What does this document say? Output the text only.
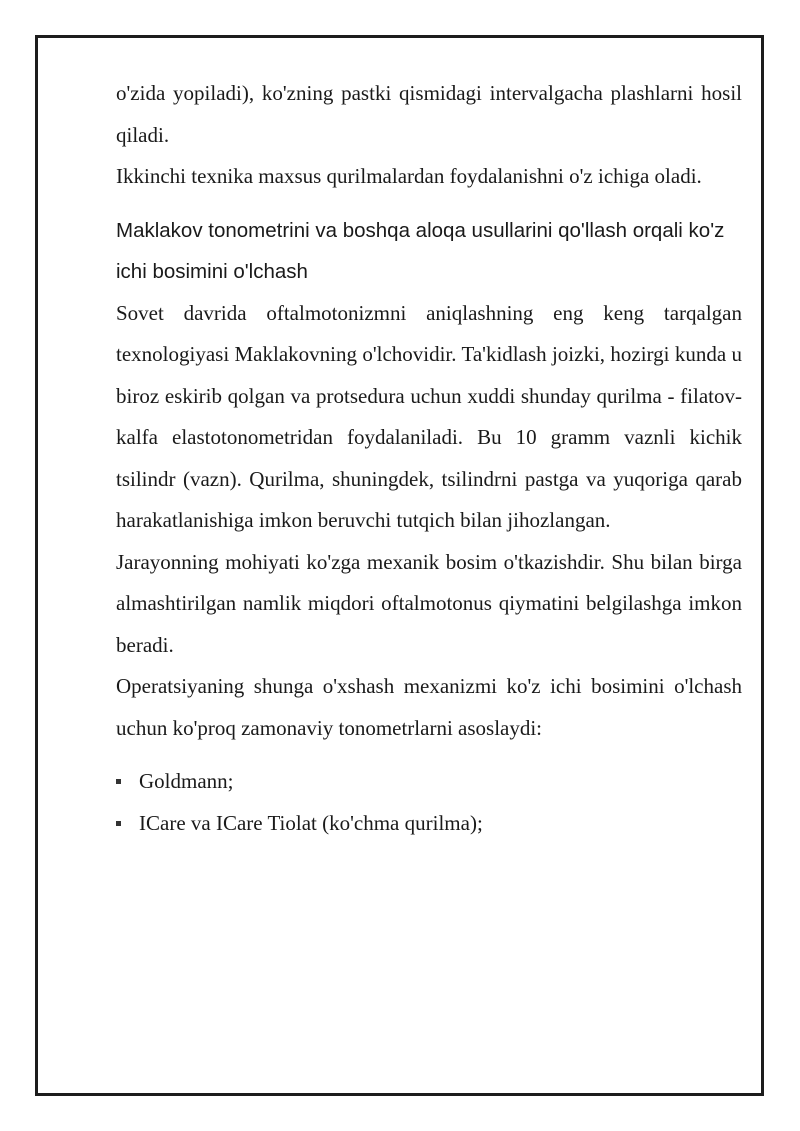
o'zida yopiladi), ko'zning pastki qismidagi intervalgacha plashlarni hosil qiladi.

Ikkinchi texnika maxsus qurilmalardan foydalanishni o'z ichiga oladi.

Maklakov tonometrini va boshqa aloqa usullarini qo'llash orqali ko'z ichi bosimini o'lchash

Sovet davrida oftalmotonizmni aniqlashning eng keng tarqalgan texnologiyasi Maklakovning o'lchovidir. Ta'kidlash joizki, hozirgi kunda u biroz eskirib qolgan va protsedura uchun xuddi shunday qurilma - filatov-kalfa elastotonometridan foydalaniladi. Bu 10 gramm vaznli kichik tsilindr (vazn). Qurilma, shuningdek, tsilindrni pastga va yuqoriga qarab harakatlanishiga imkon beruvchi tutqich bilan jihozlangan.

Jarayonning mohiyati ko'zga mexanik bosim o'tkazishdir. Shu bilan birga almashtirilgan namlik miqdori oftalmotonus qiymatini belgilashga imkon beradi.

Operatsiyaning shunga o'xshash mexanizmi ko'z ichi bosimini o'lchash uchun ko'proq zamonaviy tonometrlarni asoslaydi:

Goldmann;
ICare va ICare Tiolat (ko'chma qurilma);
